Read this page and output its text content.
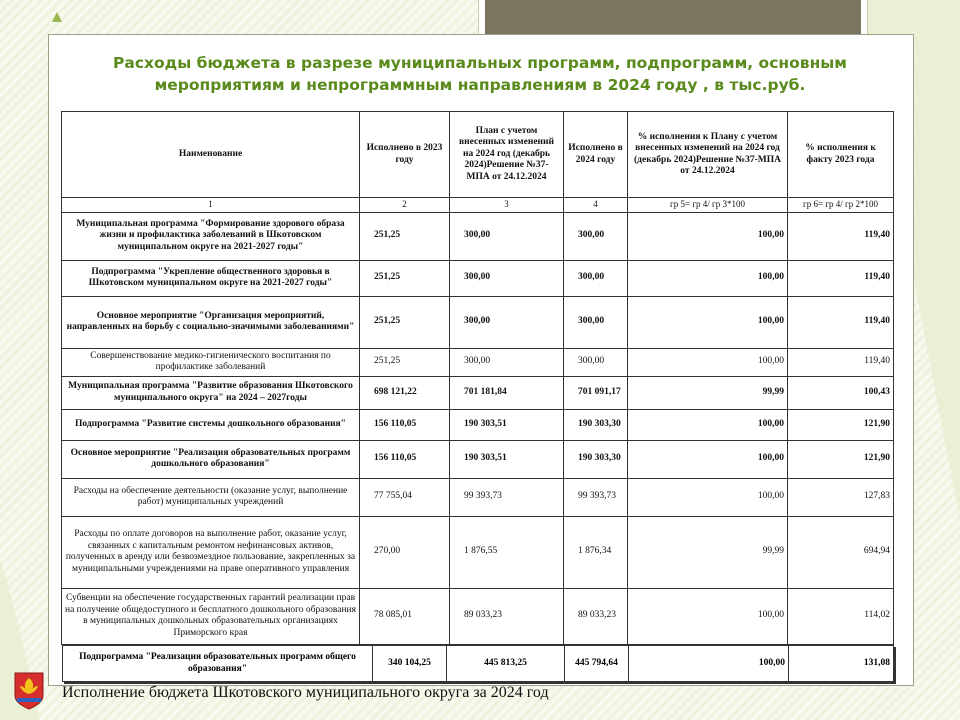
Расходы бюджета в разрезе муниципальных программ, подпрограмм, основным мероприятиям и непрограммным направлениям в 2024 году , в тыс.руб.
Наименование	Исполнено в 2023 году	План с учетом внесенных изменений на 2024 год (декабрь 2024)Решение №37-МПА от 24.12.2024	Исполнено в 2024 году	% исполнения к Плану с учетом внесенных изменений на 2024 год (декабрь 2024)Решение №37-МПА от 24.12.2024	% исполнения к факту 2023 года
1	2	3	4	гр 5= гр 4/ гр 3*100	гр 6= гр 4/ гр 2*100
Муниципальная программа "Формирование здорового образа жизни и профилактика заболеваний в Шкотовском муниципальном округе на 2021-2027 годы"	251,25	300,00	300,00	100,00	119,40
Подпрограмма "Укрепление общественного здоровья в Шкотовском муниципальном округе на 2021-2027 годы"	251,25	300,00	300,00	100,00	119,40
Основное мероприятие "Организация мероприятий, направленных на борьбу с социально-значимыми заболеваниями"	251,25	300,00	300,00	100,00	119,40
Совершенствование медико-гигиенического воспитания по профилактике заболеваний	251,25	300,00	300,00	100,00	119,40
Муниципальная программа "Развитие образования Шкотовского муниципального округа" на 2024 – 2027годы	698 121,22	701 181,84	701 091,17	99,99	100,43
Подпрограмма "Развитие системы дошкольного образования"	156 110,05	190 303,51	190 303,30	100,00	121,90
Основное мероприятие "Реализация образовательных программ дошкольного образования"	156 110,05	190 303,51	190 303,30	100,00	121,90
Расходы на обеспечение деятельности (оказание услуг, выполнение работ) муниципальных учреждений	77 755,04	99 393,73	99 393,73	100,00	127,83
Расходы по оплате договоров на выполнение работ, оказание услуг, связанных с капитальным ремонтом нефинансовых активов, полученных в аренду или безвозмездное пользование, закрепленных за муниципальными учреждениями на праве оперативного управления	270,00	1 876,55	1 876,34	99,99	694,94
Субвенции на обеспечение государственных гарантий реализации прав на получение общедоступного и бесплатного дошкольного образования в муниципальных дошкольных образовательных организациях Приморского края	78 085,01	89 033,23	89 033,23	100,00	114,02
Подпрограмма "Реализация образовательных программ общего образования"	340 104,25	445 813,25	445 794,64	100,00	131,08
Исполнение бюджета Шкотовского муниципального округа за 2024 год
